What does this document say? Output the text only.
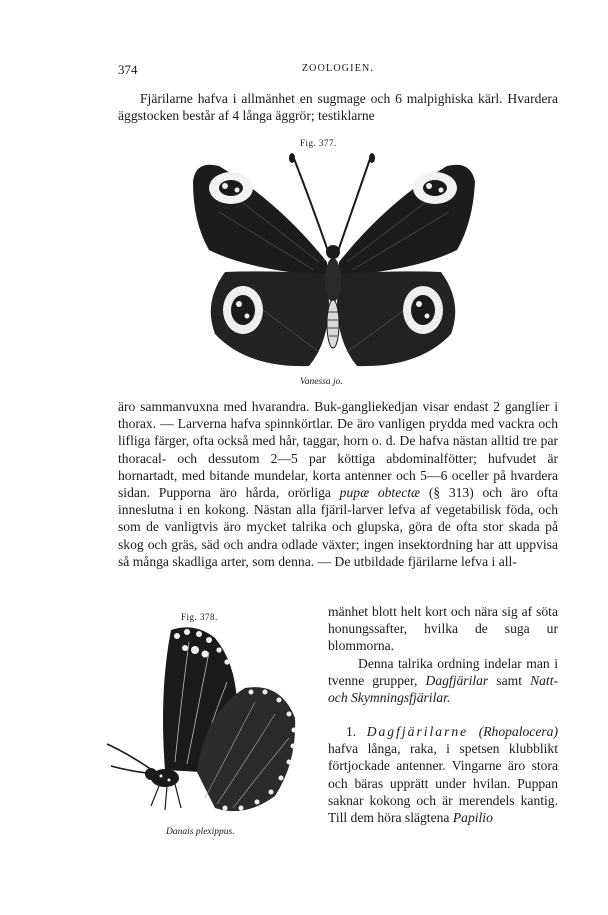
374	ZOOLOGIEN.

Fjärilarne hafva i allmänhet en sugmage och 6 malpighiska kärl. Hvardera äggstocken består af 4 långa äggrör; testiklarne

Fig. 377.
Vanessa jo.

äro sammanvuxna med hvarandra. Buk-gangliekedjan visar endast 2 ganglier i thorax. — Larverna hafva spinnkörtlar. De äro vanligen prydda med vackra och lifliga färger, ofta också med hår, taggar, horn o. d. De hafva nästan alltid tre par thoracal- och dessutom 2—5 par köttiga abdominalfötter; hufvudet är hornartadt, med bitande mundelar, korta antenner och 5—6 oceller på hvardera sidan. Pupporna äro hårda, orörliga pupæ obtectæ (§ 313) och äro ofta inneslutna i en kokong. Nästan alla fjäril-larver lefva af vegetabilisk föda, och som de vanligtvis äro mycket talrika och glupska, göra de ofta stor skada på skog och gräs, säd och andra odlade växter; ingen insektordning har att uppvisa så många skadliga arter, som denna. — De utbildade fjärilarne lefva i all-

Fig. 378.
Danais plexippus.

mänhet blott helt kort och nära sig af söta honungssafter, hvilka de suga ur blommorna.

Denna talrika ordning indelar man i tvenne grupper, Dagfjärilar samt Natt- och Skymningsfjärilar.

1. Dagfjärilarne (Rhopalocera) hafva långa, raka, i spetsen klubblikt förtjockade antenner. Vingarne äro stora och bäras upprätt under hvilan. Puppan saknar kokong och är merendels kantig. Till dem höra slägtena Papilio
